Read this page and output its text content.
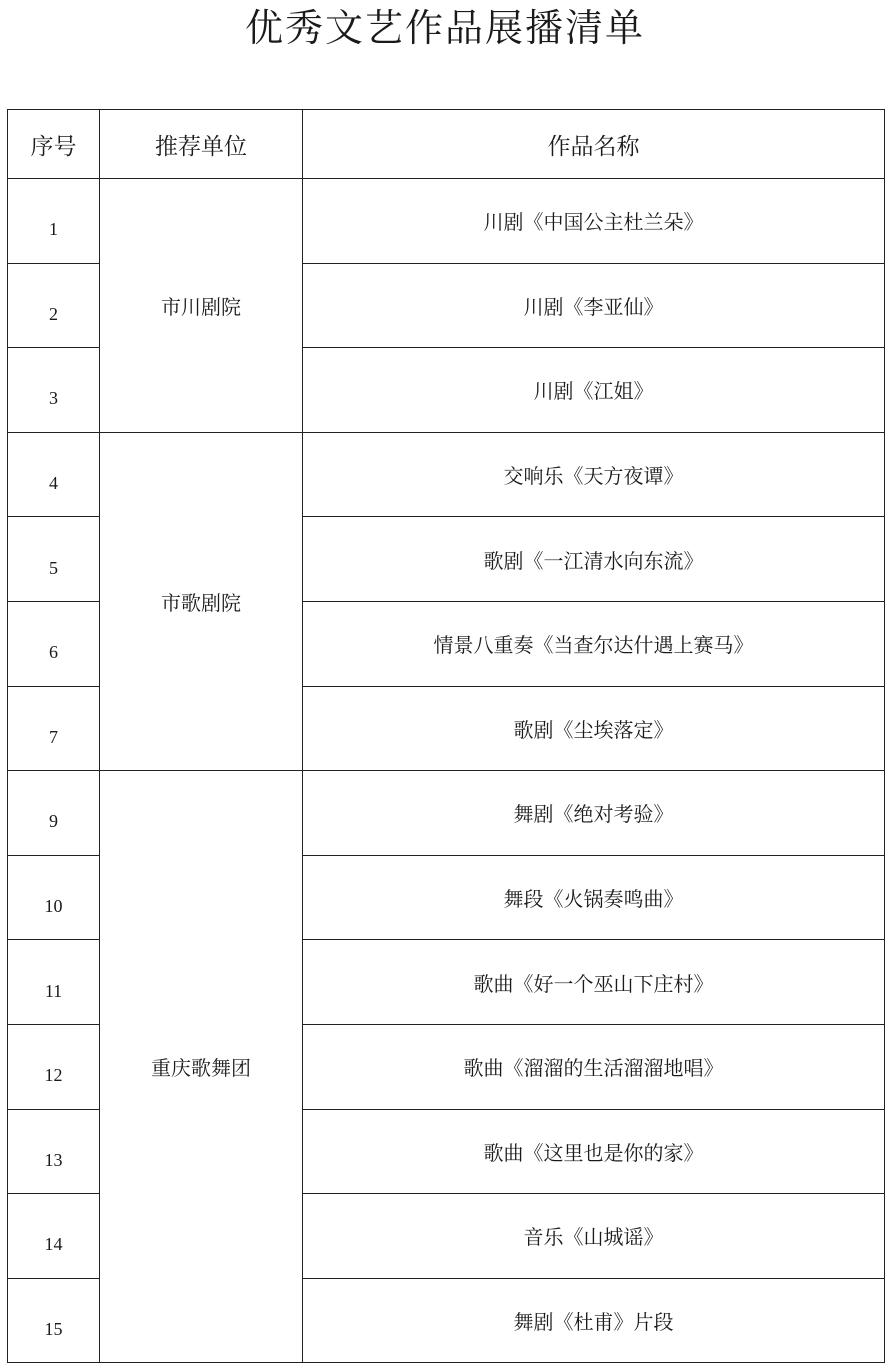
优秀文艺作品展播清单
序号	推荐单位	作品名称
1	市川剧院	川剧《中国公主杜兰朵》
2		川剧《李亚仙》
3		川剧《江姐》
4	市歌剧院	交响乐《天方夜谭》
5		歌剧《一江清水向东流》
6		情景八重奏《当查尔达什遇上赛马》
7		歌剧《尘埃落定》
9	重庆歌舞团	舞剧《绝对考验》
10		舞段《火锅奏鸣曲》
11		歌曲《好一个巫山下庄村》
12		歌曲《溜溜的生活溜溜地唱》
13		歌曲《这里也是你的家》
14		音乐《山城谣》
15		舞剧《杜甫》片段
